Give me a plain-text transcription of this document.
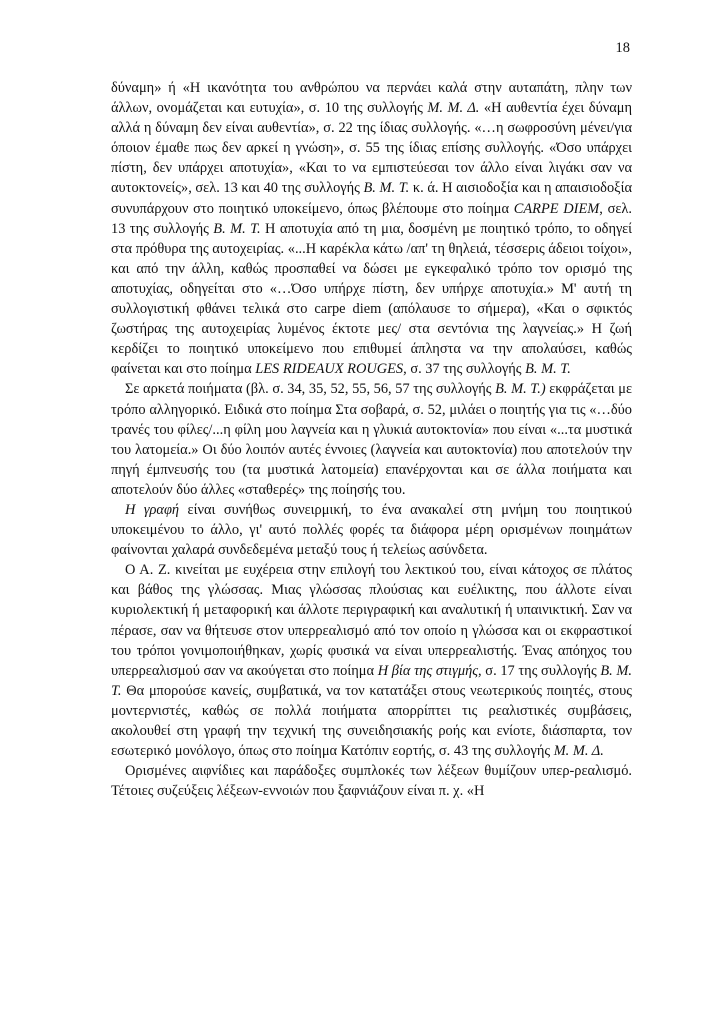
18

δύναμη» ή «Η ικανότητα του ανθρώπου να περνάει καλά στην αυταπάτη, πλην των άλλων, ονομάζεται και ευτυχία», σ. 10 της συλλογής Μ. Μ. Δ. «Η αυθεντία έχει δύναμη αλλά η δύναμη δεν είναι αυθεντία», σ. 22 της ίδιας συλλογής. «…η σωφροσύνη μένει/για όποιον έμαθε πως δεν αρκεί η γνώση», σ. 55 της ίδιας επίσης συλλογής. «Όσο υπάρχει πίστη, δεν υπάρχει αποτυχία», «Και το να εμπιστεύεσαι τον άλλο είναι λιγάκι σαν να αυτοκτονείς», σελ. 13 και 40 της συλλογής Β. Μ. Τ. κ. ά. Η αισιοδοξία και η απαισιοδοξία συνυπάρχουν στο ποιητικό υποκείμενο, όπως βλέπουμε στο ποίημα CARPE DIEM, σελ. 13 της συλλογής Β. Μ. Τ. Η αποτυχία από τη μια, δοσμένη με ποιητικό τρόπο, το οδηγεί στα πρόθυρα της αυτοχειρίας. «...Η καρέκλα κάτω /απ' τη θηλειά, τέσσερις άδειοι τοίχοι», και από την άλλη, καθώς προσπαθεί να δώσει με εγκεφαλικό τρόπο τον ορισμό της αποτυχίας, οδηγείται στο «…Όσο υπήρχε πίστη, δεν υπήρχε αποτυχία.» Μ' αυτή τη συλλογιστική φθάνει τελικά στο carpe diem (απόλαυσε το σήμερα), «Και ο σφικτός ζωστήρας της αυτοχειρίας λυμένος έκτοτε μες/ στα σεντόνια της λαγνείας.» Η ζωή κερδίζει το ποιητικό υποκείμενο που επιθυμεί άπληστα να την απολαύσει, καθώς φαίνεται και στο ποίημα LES RIDEAUX ROUGES, σ. 37 της συλλογής Β. Μ. Τ.

Σε αρκετά ποιήματα (βλ. σ. 34, 35, 52, 55, 56, 57 της συλλογής Β. Μ. Τ.) εκφράζεται με τρόπο αλληγορικό. Ειδικά στο ποίημα Στα σοβαρά, σ. 52, μιλάει ο ποιητής για τις «…δύο τρανές του φίλες/...η φίλη μου λαγνεία και η γλυκιά αυτοκτονία» που είναι «...τα μυστικά του λατομεία.» Οι δύο λοιπόν αυτές έννοιες (λαγνεία και αυτοκτονία) που αποτελούν την πηγή έμπνευσής του (τα μυστικά λατομεία) επανέρχονται και σε άλλα ποιήματα και αποτελούν δύο άλλες «σταθερές» της ποίησής του.

Η γραφή είναι συνήθως συνειρμική, το ένα ανακαλεί στη μνήμη του ποιητικού υποκειμένου το άλλο, γι' αυτό πολλές φορές τα διάφορα μέρη ορισμένων ποιημάτων φαίνονται χαλαρά συνδεδεμένα μεταξύ τους ή τελείως ασύνδετα.

Ο Α. Ζ. κινείται με ευχέρεια στην επιλογή του λεκτικού του, είναι κάτοχος σε πλάτος και βάθος της γλώσσας. Μιας γλώσσας πλούσιας και ευέλικτης, που άλλοτε είναι κυριολεκτική ή μεταφορική και άλλοτε περιγραφική και αναλυτική ή υπαινικτική. Σαν να πέρασε, σαν να θήτευσε στον υπερρεαλισμό από τον οποίο η γλώσσα και οι εκφραστικοί του τρόποι γονιμοποιήθηκαν, χωρίς φυσικά να είναι υπερρεαλιστής. Ένας απόηχος του υπερρεαλισμού σαν να ακούγεται στο ποίημα Η βία της στιγμής, σ. 17 της συλλογής Β. Μ. Τ. Θα μπορούσε κανείς, συμβατικά, να τον κατατάξει στους νεωτερικούς ποιητές, στους μοντερνιστές, καθώς σε πολλά ποιήματα απορρίπτει τις ρεαλιστικές συμβάσεις, ακολουθεί στη γραφή την τεχνική της συνειδησιακής ροής και ενίοτε, διάσπαρτα, τον εσωτερικό μονόλογο, όπως στο ποίημα Κατόπιν εορτής, σ. 43 της συλλογής Μ. Μ. Δ.

Ορισμένες αιφνίδιες και παράδοξες συμπλοκές των λέξεων θυμίζουν υπερ-ρεαλισμό. Τέτοιες συζεύξεις λέξεων-εννοιών που ξαφνιάζουν είναι π. χ. «Η
